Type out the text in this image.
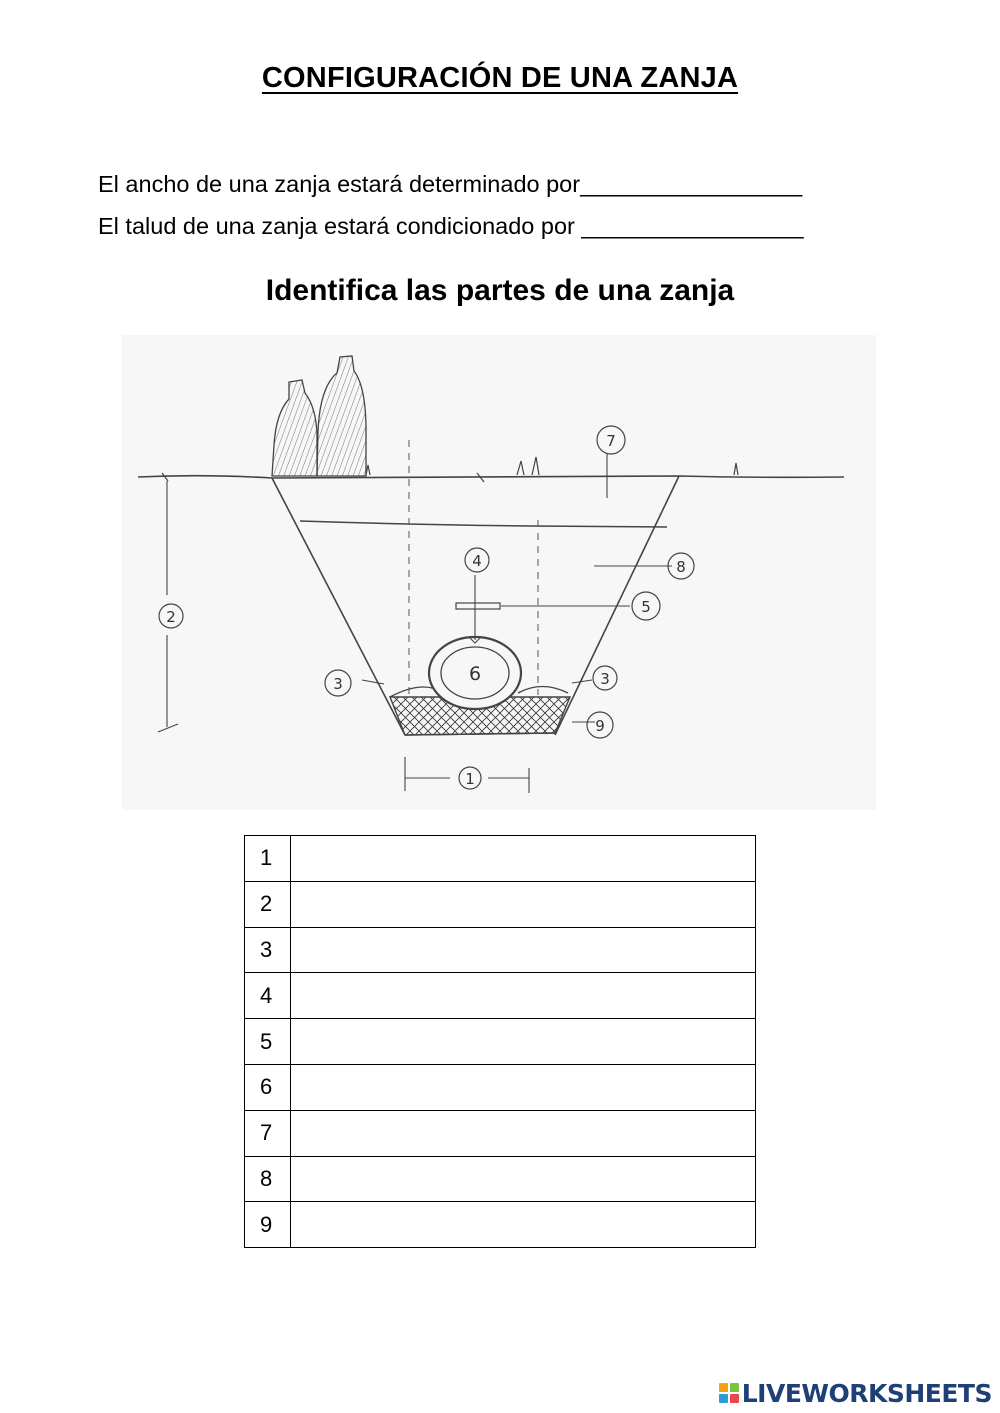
CONFIGURACIÓN DE UNA ZANJA
El ancho de una zanja estará determinado por_________________
El talud de una zanja estará condicionado por _________________
Identifica las partes de una zanja
1
2
3	3
4
5
6
7
8
9
1	
2	
3	
4	
5	
6	
7	
8	
9	
LIVEWORKSHEETS
